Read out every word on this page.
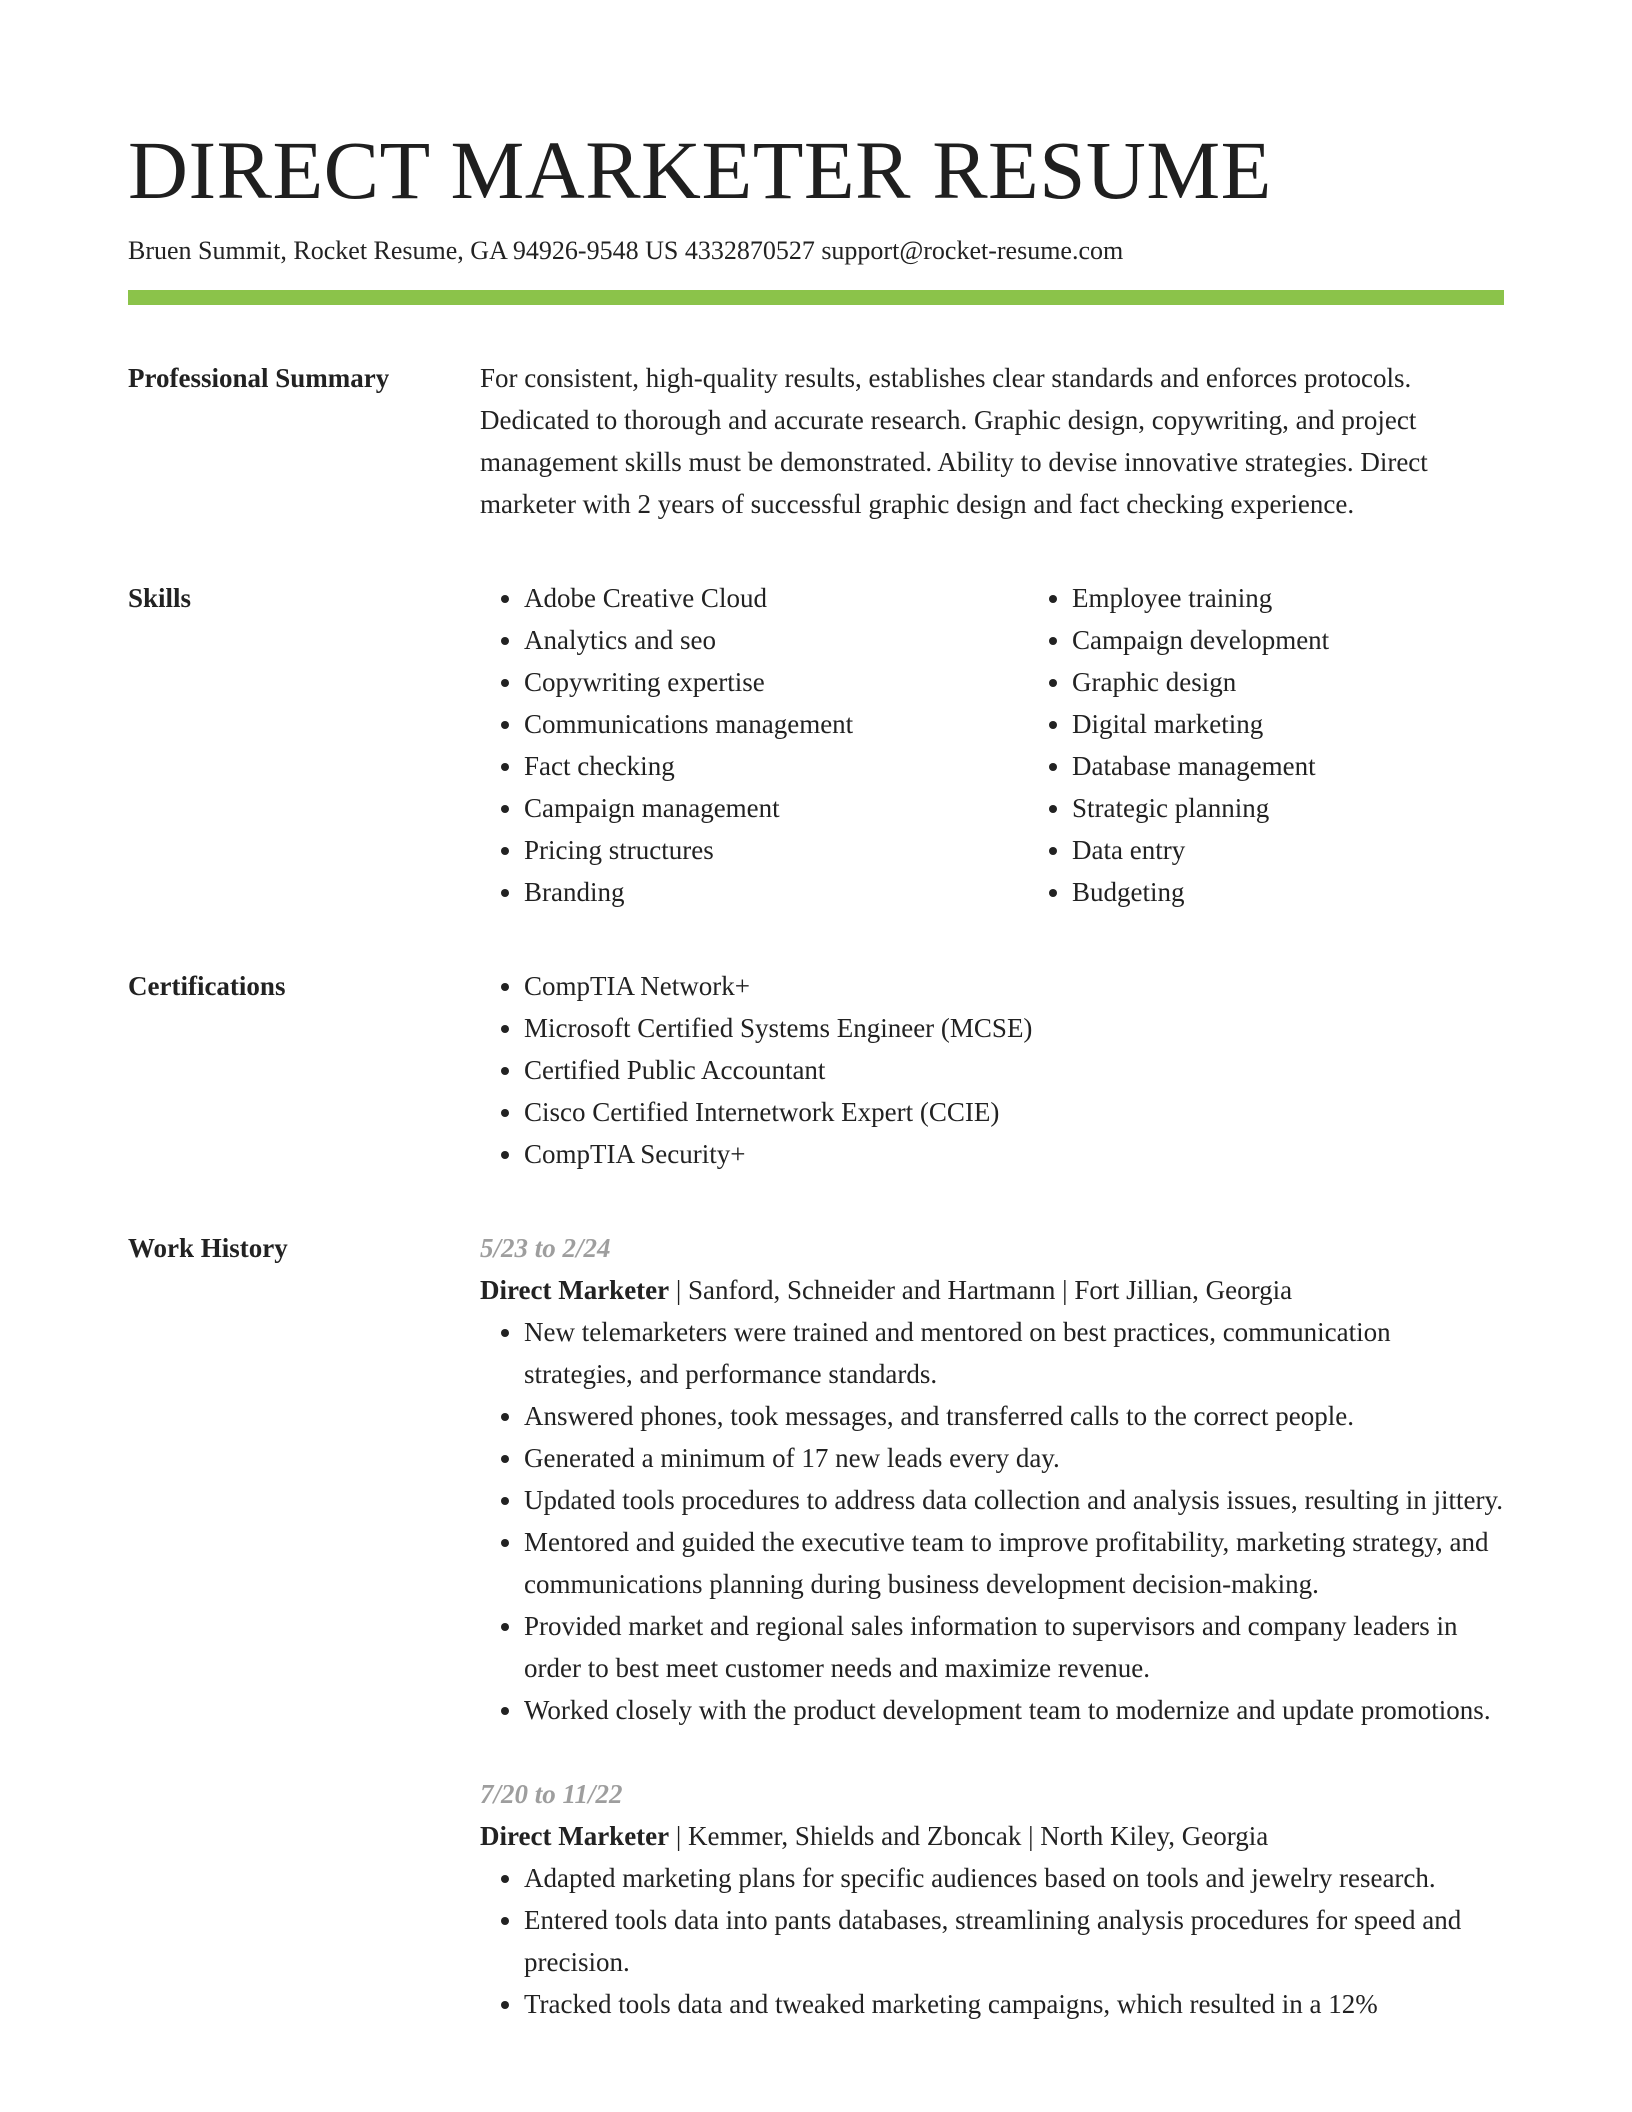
DIRECT MARKETER RESUME
Bruen Summit, Rocket Resume, GA 94926-9548 US 4332870527 support@rocket-resume.com
Professional Summary	For consistent, high-quality results, establishes clear standards and enforces protocols. Dedicated to thorough and accurate research. Graphic design, copywriting, and project management skills must be demonstrated. Ability to devise innovative strategies. Direct marketer with 2 years of successful graphic design and fact checking experience.

Skills	• Adobe Creative Cloud
• Analytics and seo
• Copywriting expertise
• Communications management
• Fact checking
• Campaign management
• Pricing structures
• Branding
• Employee training
• Campaign development
• Graphic design
• Digital marketing
• Database management
• Strategic planning
• Data entry
• Budgeting
Certifications	• CompTIA Network+
• Microsoft Certified Systems Engineer (MCSE)
• Certified Public Accountant
• Cisco Certified Internetwork Expert (CCIE)
• CompTIA Security+
Work History	5/23 to 2/24
Direct Marketer | Sanford, Schneider and Hartmann | Fort Jillian, Georgia
• New telemarketers were trained and mentored on best practices, communication strategies, and performance standards.
• Answered phones, took messages, and transferred calls to the correct people.
• Generated a minimum of 17 new leads every day.
• Updated tools procedures to address data collection and analysis issues, resulting in jittery.
• Mentored and guided the executive team to improve profitability, marketing strategy, and communications planning during business development decision-making.
• Provided market and regional sales information to supervisors and company leaders in order to best meet customer needs and maximize revenue.
• Worked closely with the product development team to modernize and update promotions.
7/20 to 11/22
Direct Marketer | Kemmer, Shields and Zboncak | North Kiley, Georgia
• Adapted marketing plans for specific audiences based on tools and jewelry research.
• Entered tools data into pants databases, streamlining analysis procedures for speed and precision.
• Tracked tools data and tweaked marketing campaigns, which resulted in a 12%
